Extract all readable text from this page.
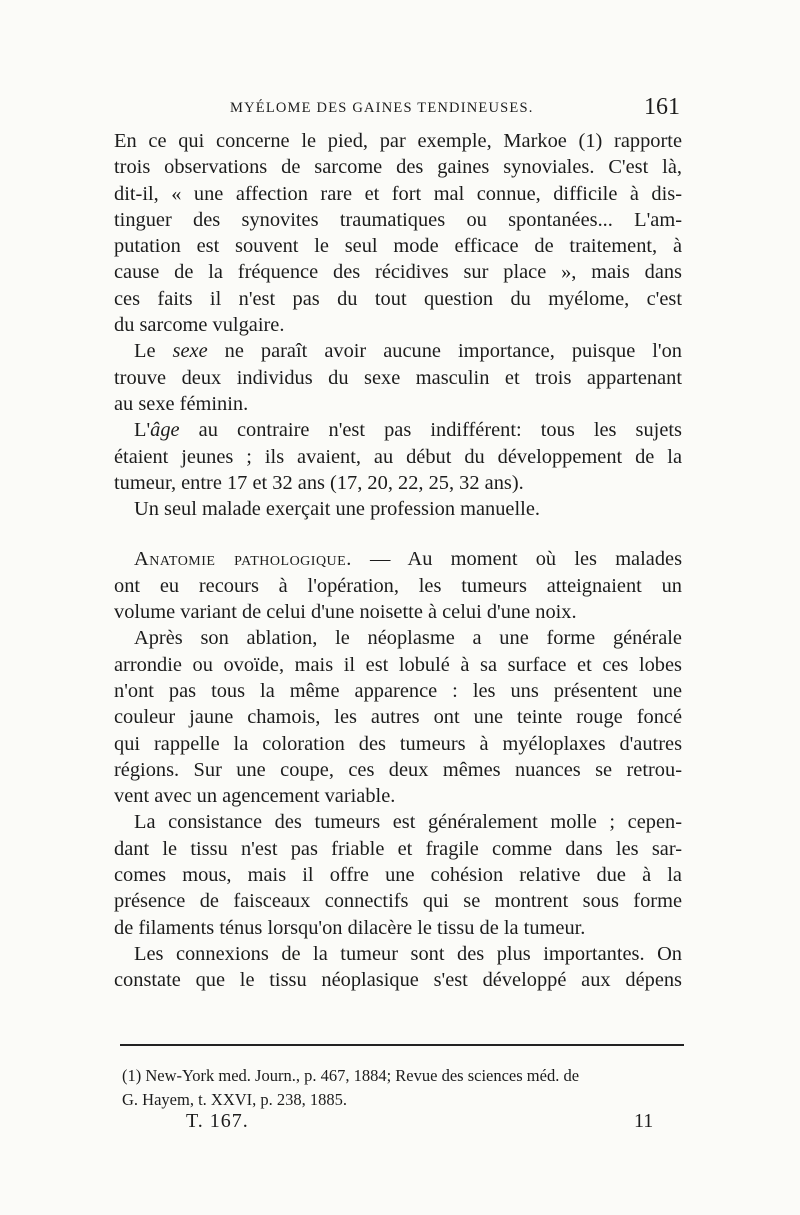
MYÉLOME DES GAINES TENDINEUSES.	161

En ce qui concerne le pied, par exemple, Markoe (1) rapporte
trois observations de sarcome des gaines synoviales. C'est là,
dit-il, « une affection rare et fort mal connue, difficile à dis-
tinguer des synovites traumatiques ou spontanées... L'am-
putation est souvent le seul mode efficace de traitement, à
cause de la fréquence des récidives sur place », mais dans
ces faits il n'est pas du tout question du myélome, c'est
du sarcome vulgaire.

Le sexe ne paraît avoir aucune importance, puisque l'on
trouve deux individus du sexe masculin et trois appartenant
au sexe féminin.

L'âge au contraire n'est pas indifférent: tous les sujets
étaient jeunes ; ils avaient, au début du développement de la
tumeur, entre 17 et 32 ans (17, 20, 22, 25, 32 ans).

Un seul malade exerçait une profession manuelle.

Anatomie pathologique. — Au moment où les malades
ont eu recours à l'opération, les tumeurs atteignaient un
volume variant de celui d'une noisette à celui d'une noix.

Après son ablation, le néoplasme a une forme générale
arrondie ou ovoïde, mais il est lobulé à sa surface et ces lobes
n'ont pas tous la même apparence : les uns présentent une
couleur jaune chamois, les autres ont une teinte rouge foncé
qui rappelle la coloration des tumeurs à myéloplaxes d'autres
régions. Sur une coupe, ces deux mêmes nuances se retrou-
vent avec un agencement variable.

La consistance des tumeurs est généralement molle ; cepen-
dant le tissu n'est pas friable et fragile comme dans les sar-
comes mous, mais il offre une cohésion relative due à la
présence de faisceaux connectifs qui se montrent sous forme
de filaments ténus lorsqu'on dilacère le tissu de la tumeur.

Les connexions de la tumeur sont des plus importantes. On
constate que le tissu néoplasique s'est développé aux dépens

(1) New-York med. Journ., p. 467, 1884; Revue des sciences méd. de
G. Hayem, t. XXVI, p. 238, 1885.
T. 167.	11
